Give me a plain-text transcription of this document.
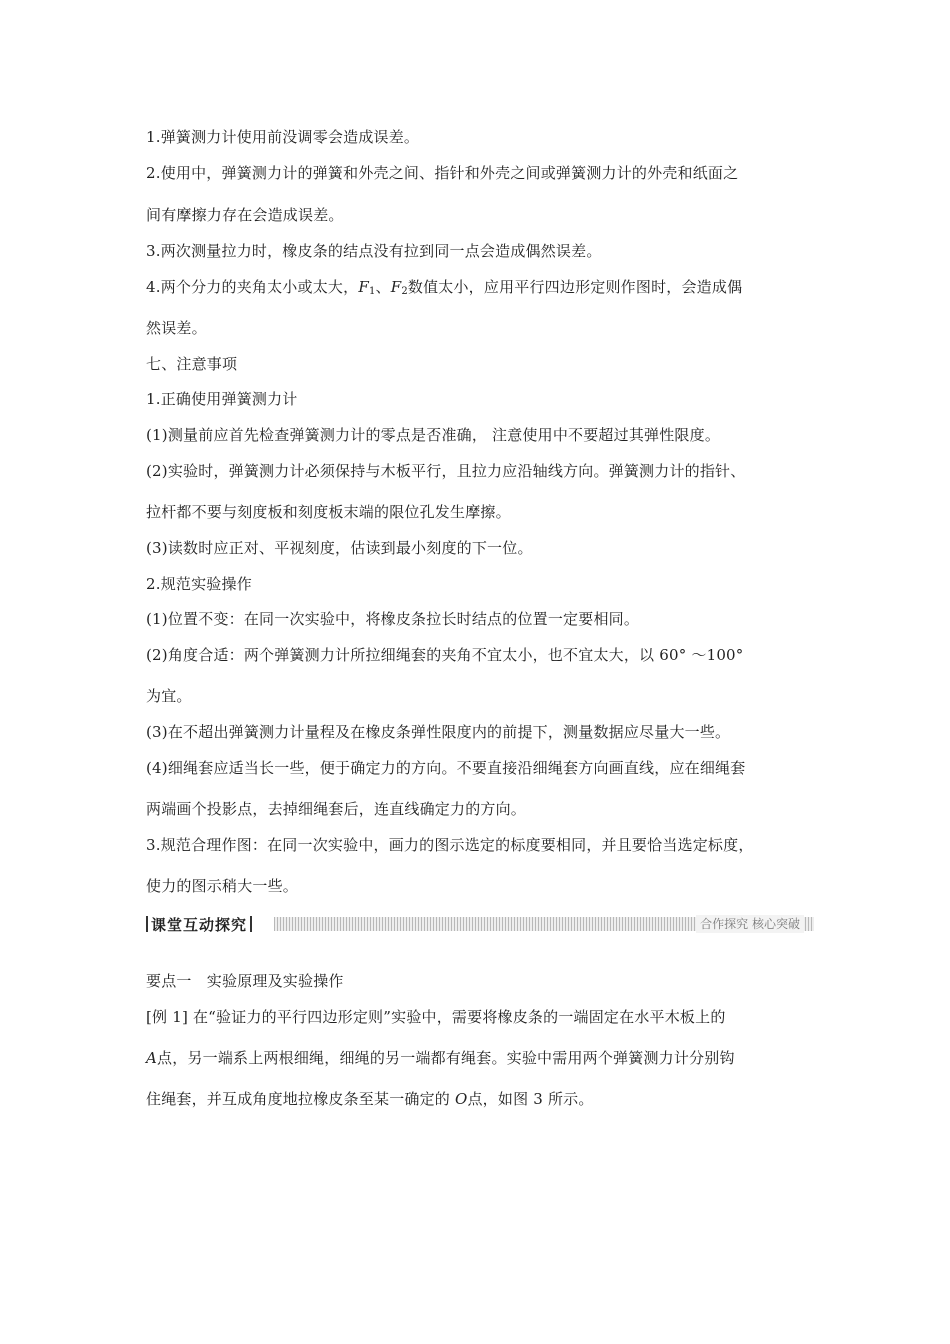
1.弹簧测力计使用前没调零会造成误差。
2.使用中，弹簧测力计的弹簧和外壳之间、指针和外壳之间或弹簧测力计的外壳和纸面之
间有摩擦力存在会造成误差。
3.两次测量拉力时，橡皮条的结点没有拉到同一点会造成偶然误差。
4.两个分力的夹角太小或太大，$F_1$、$F_2$数值太小，应用平行四边形定则作图时，会造成偶
然误差。
七、注意事项
1.正确使用弹簧测力计
(1)测量前应首先检查弹簧测力计的零点是否准确， 注意使用中不要超过其弹性限度。
(2)实验时，弹簧测力计必须保持与木板平行，且拉力应沿轴线方向。弹簧测力计的指针、
拉杆都不要与刻度板和刻度板末端的限位孔发生摩擦。
(3)读数时应正对、平视刻度，估读到最小刻度的下一位。
2.规范实验操作
(1)位置不变：在同一次实验中，将橡皮条拉长时结点的位置一定要相同。
(2)角度合适：两个弹簧测力计所拉细绳套的夹角不宜太小，也不宜太大，以 60° ～100°
为宜。
(3)在不超出弹簧测力计量程及在橡皮条弹性限度内的前提下，测量数据应尽量大一些。
(4)细绳套应适当长一些，便于确定力的方向。不要直接沿细绳套方向画直线，应在细绳套
两端画个投影点，去掉细绳套后，连直线确定力的方向。
3.规范合理作图：在同一次实验中，画力的图示选定的标度要相同，并且要恰当选定标度，
使力的图示稍大一些。
课堂互动探究	合作探究 核心突破
要点一　实验原理及实验操作
[例 1] 在“验证力的平行四边形定则”实验中，需要将橡皮条的一端固定在水平木板上的
A点，另一端系上两根细绳，细绳的另一端都有绳套。实验中需用两个弹簧测力计分别钩
住绳套，并互成角度地拉橡皮条至某一确定的 O点，如图 3 所示。
